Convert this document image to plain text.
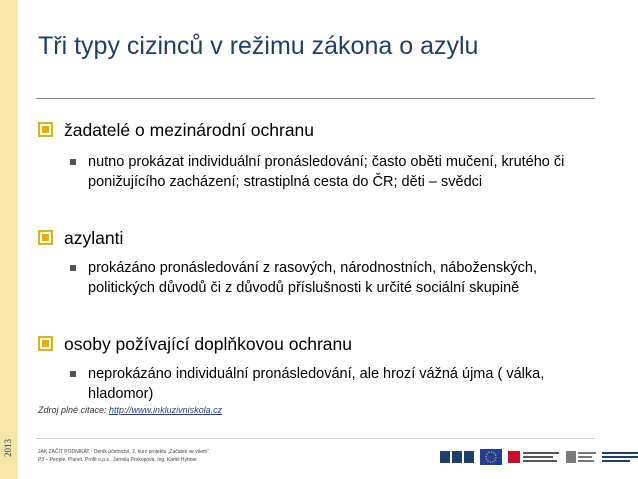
2013
Tři typy cizinců v režimu zákona o azylu
žadatelé o mezinárodní ochranu
nutno prokázat individuální pronásledování; často oběti mučení, krutého či ponižujícího zacházení; strastiplná cesta do ČR; děti – svědci
azylanti
prokázáno pronásledování z rasových, národnostních, náboženských, politických důvodů či z důvodů příslušnosti k určité sociální skupině
osoby požívající doplňkovou ochranu
neprokázáno individuální pronásledování, ale hrozí vážná újma ( válka, hladomor)
Zdroj plné citace: http://www.inkluzivniskola.cz
JAK ZAČÍT PODNIKAT - Deník účetnictví, 2. kurz projektu „Začátek ve všem“
P3 – People, Planet, Profit o.p.s., Jarmila Prokopová, Ing. Kamil Hybner
